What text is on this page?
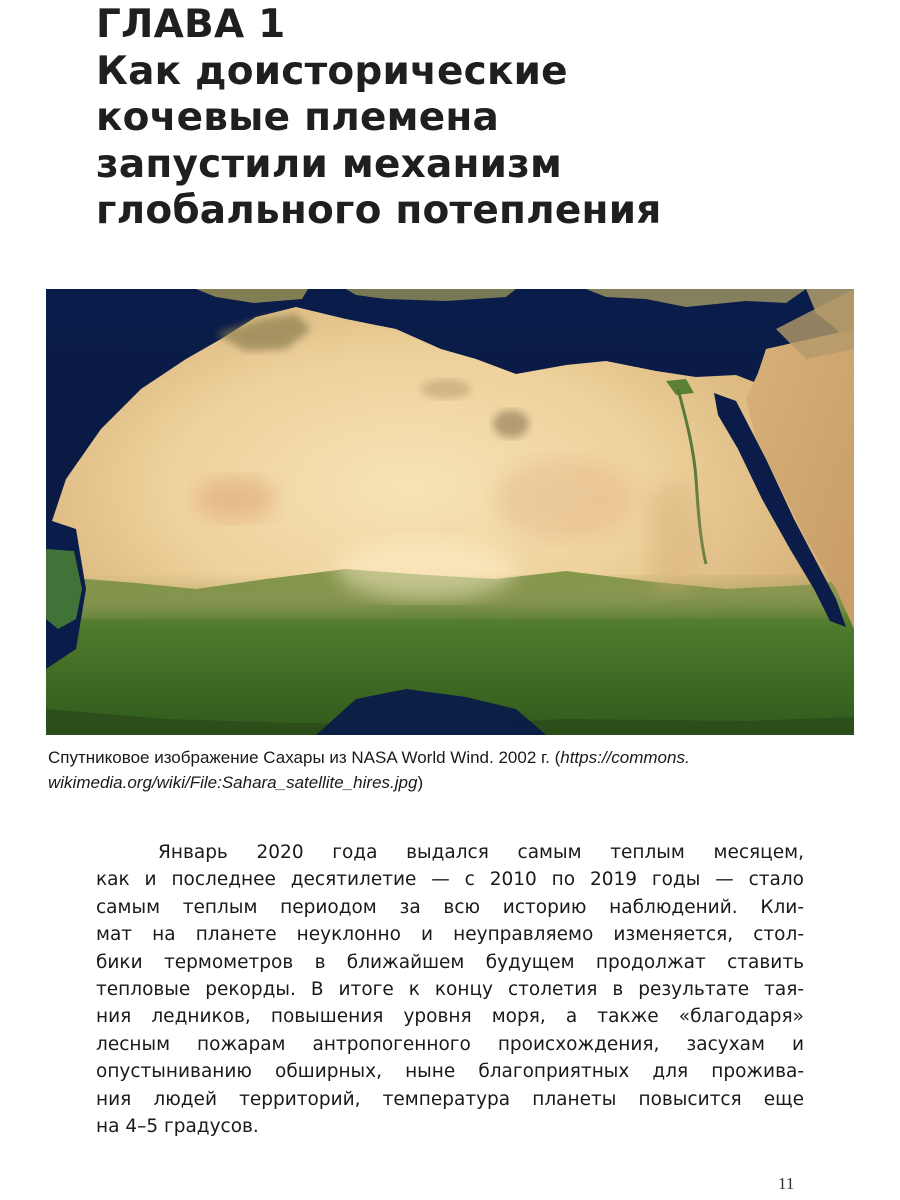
ГЛАВА 1
Как доисторические
кочевые племена
запустили механизм
глобального потепления

Спутниковое изображение Сахары из NASA World Wind. 2002 г. (https://commons.
wikimedia.org/wiki/File:Sahara_satellite_hires.jpg)

Январь 2020 года выдался самым теплым месяцем,
как и последнее десятилетие — с 2010 по 2019 годы — стало
самым теплым периодом за всю историю наблюдений. Кли-
мат на планете неуклонно и неуправляемо изменяется, стол-
бики термометров в ближайшем будущем продолжат ставить
тепловые рекорды. В итоге к концу столетия в результате тая-
ния ледников, повышения уровня моря, а также «благодаря»
лесным пожарам антропогенного происхождения, засухам и
опустыниванию обширных, ныне благоприятных для прожива-
ния людей территорий, температура планеты повысится еще
на 4–5 градусов.
11
